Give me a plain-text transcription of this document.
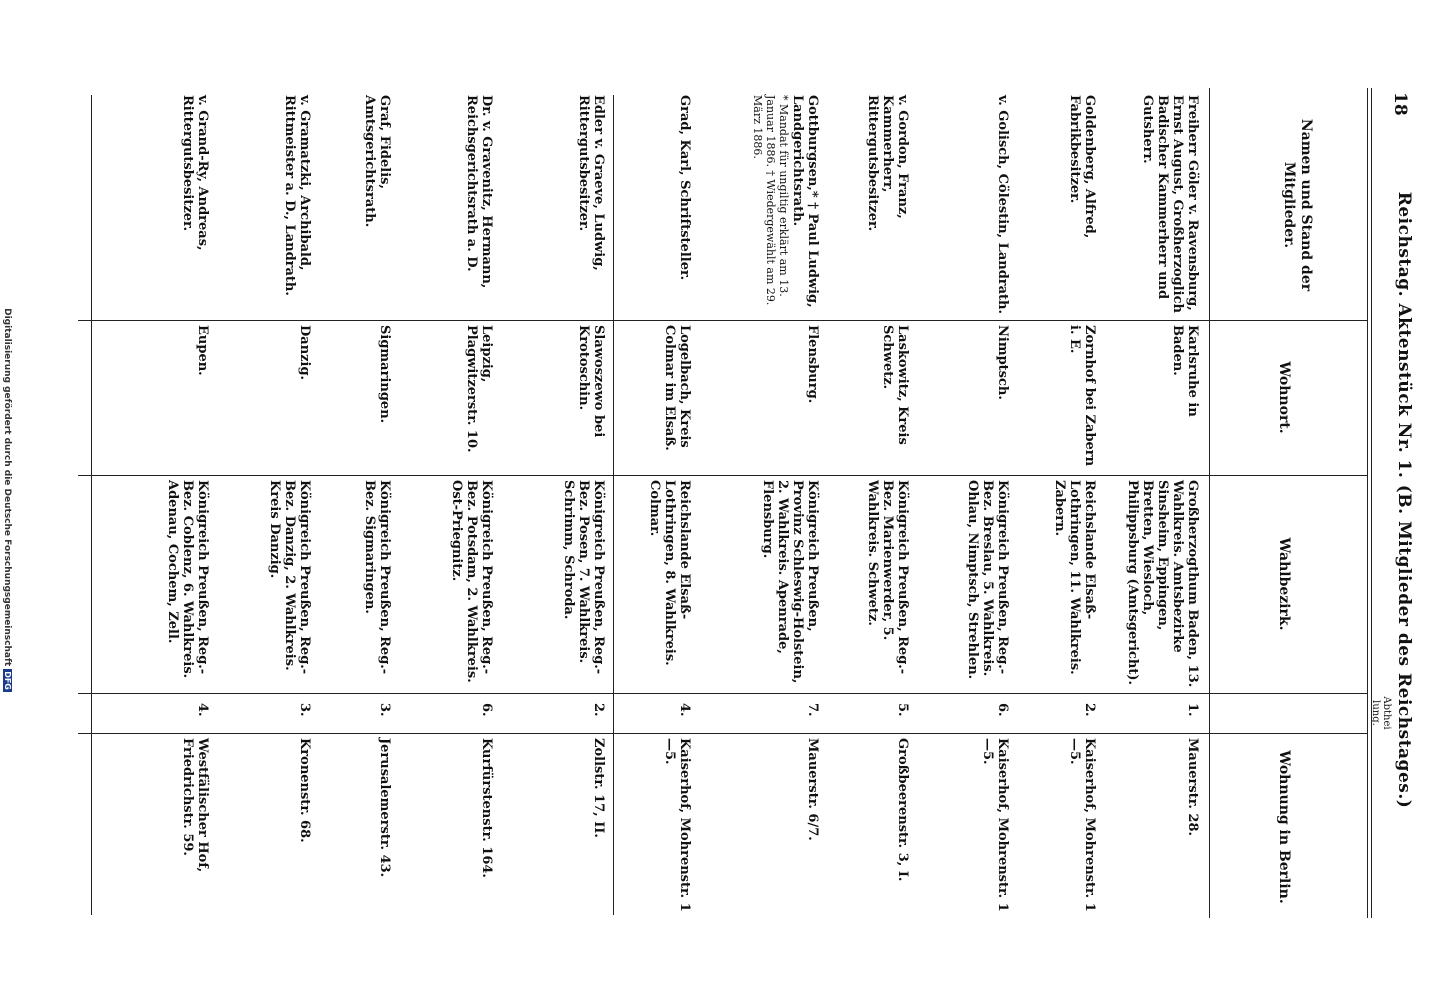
18
Reichstag. Aktenstück Nr. 1. (B. Mitglieder des Reichstages.)
Namen und Stand der Mitglieder.
Wohnort.
Wahlbezirk.
Abtheilung.
Wohnung in Berlin.
Freiherr Göler v. Ravensburg, Ernst August, Großherzoglich Badischer Kammerherr und Gutsherr.
Karlsruhe in Baden.
Großherzogthum Baden, 13. Wahlkreis. Amtsbezirke Sinsheim, Eppingen, Bretten, Wiesloch, Philippsburg (Amtsgericht).
1.
Mauerstr. 28.
Goldenberg, Alfred, Fabrikbesitzer.
Zornhof bei Zabern i. E.
Reichslande Elsaß-Lothringen, 11. Wahlkreis. Zabern.
2.
Kaiserhof, Mohrenstr. 1—5.
v. Golisch, Cölestin, Landrath.
Nimptsch.
Königreich Preußen, Reg.-Bez. Breslau, 5. Wahlkreis. Ohlau, Nimptsch, Strehlen.
6.
Kaiserhof, Mohrenstr. 1—5.
v. Gordon, Franz, Kammerherr, Rittergutsbesitzer.
Laskowitz, Kreis Schwetz.
Königreich Preußen, Reg.-Bez. Marienwerder, 5. Wahlkreis. Schwetz.
5.
Großbeerenstr. 3, I.
Gottburgsen,* † Paul Ludwig, Landgerichtsrath.
* Mandat für ungiltig erklärt am 13. Januar 1886. † Wiedergewählt am 29. März 1886.
Flensburg.
Königreich Preußen, Provinz Schleswig-Holstein, 2. Wahlkreis. Apenrade, Flensburg.
7.
Mauerstr. 6/7.
Grad, Karl, Schriftsteller.
Logelbach, Kreis Colmar im Elsaß.
Reichslande Elsaß-Lothringen, 8. Wahlkreis. Colmar.
4.
Kaiserhof, Mohrenstr. 1—5.
Edler v. Graeve, Ludwig, Rittergutsbesitzer.
Slawoszewo bei Krotoschin.
Königreich Preußen, Reg.-Bez. Posen, 7. Wahlkreis. Schrimm, Schroda.
2.
Zollstr. 17, II.
Dr. v. Gravenitz, Hermann, Reichsgerichtsrath a. D.
Leipzig, Plagwitzerstr. 10.
Königreich Preußen, Reg.-Bez. Potsdam, 2. Wahlkreis. Ost-Priegnitz.
6.
Kurfürstenstr. 164.
Graf, Fidelis, Amtsgerichtsrath.
Sigmaringen.
Königreich Preußen, Reg.-Bez. Sigmaringen.
3.
Jerusalemerstr. 43.
v. Gramatzki, Archibald, Rittmeister a. D., Landrath.
Danzig.
Königreich Preußen, Reg.-Bez. Danzig, 2. Wahlkreis. Kreis Danzig.
3.
Kronenstr. 68.
v. Grand-Ry, Andreas, Rittergutsbesitzer.
Eupen.
Königreich Preußen, Reg.-Bez. Coblenz, 6. Wahlkreis. Adenau, Cochem, Zell.
4.
Westfälischer Hof, Friedrichstr. 59.
Digitalisierung gefördert durch die Deutsche ForschungsgemeinschaftDFG
